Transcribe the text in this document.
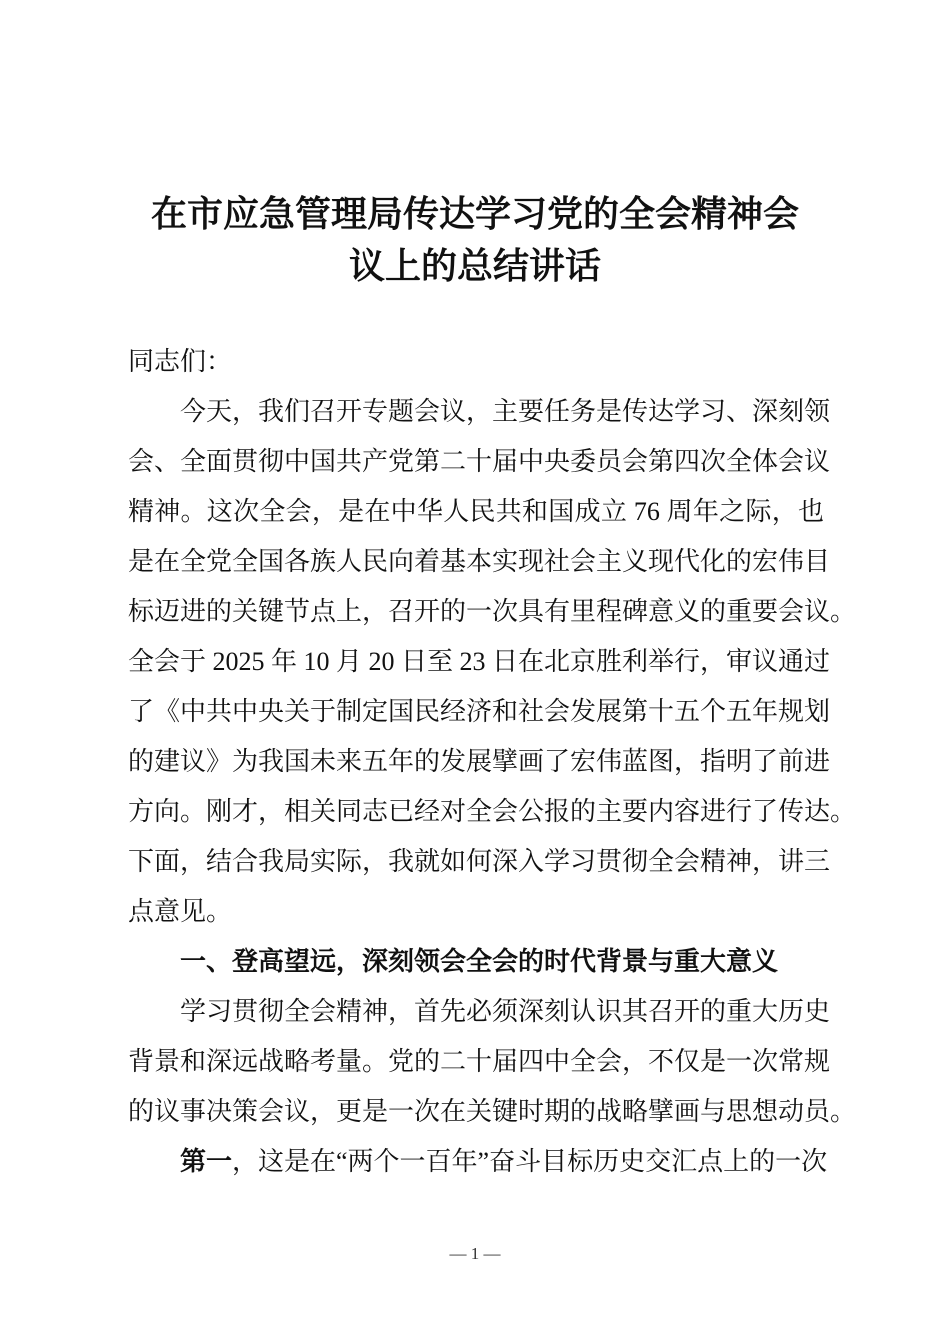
在市应急管理局传达学习党的全会精神会
议上的总结讲话
同志们：
今天，我们召开专题会议，主要任务是传达学习、深刻领
会、全面贯彻中国共产党第二十届中央委员会第四次全体会议
精神。这次全会，是在中华人民共和国成立 76 周年之际，也
是在全党全国各族人民向着基本实现社会主义现代化的宏伟目
标迈进的关键节点上，召开的一次具有里程碑意义的重要会议。
全会于 2025 年 10 月 20 日至 23 日在北京胜利举行，审议通过
了《中共中央关于制定国民经济和社会发展第十五个五年规划
的建议》为我国未来五年的发展擘画了宏伟蓝图，指明了前进
方向。刚才，相关同志已经对全会公报的主要内容进行了传达。
下面，结合我局实际，我就如何深入学习贯彻全会精神，讲三
点意见。
一、登高望远，深刻领会全会的时代背景与重大意义
学习贯彻全会精神，首先必须深刻认识其召开的重大历史
背景和深远战略考量。党的二十届四中全会，不仅是一次常规
的议事决策会议，更是一次在关键时期的战略擘画与思想动员。
第一，这是在“两个一百年”奋斗目标历史交汇点上的一次
— 1 —
